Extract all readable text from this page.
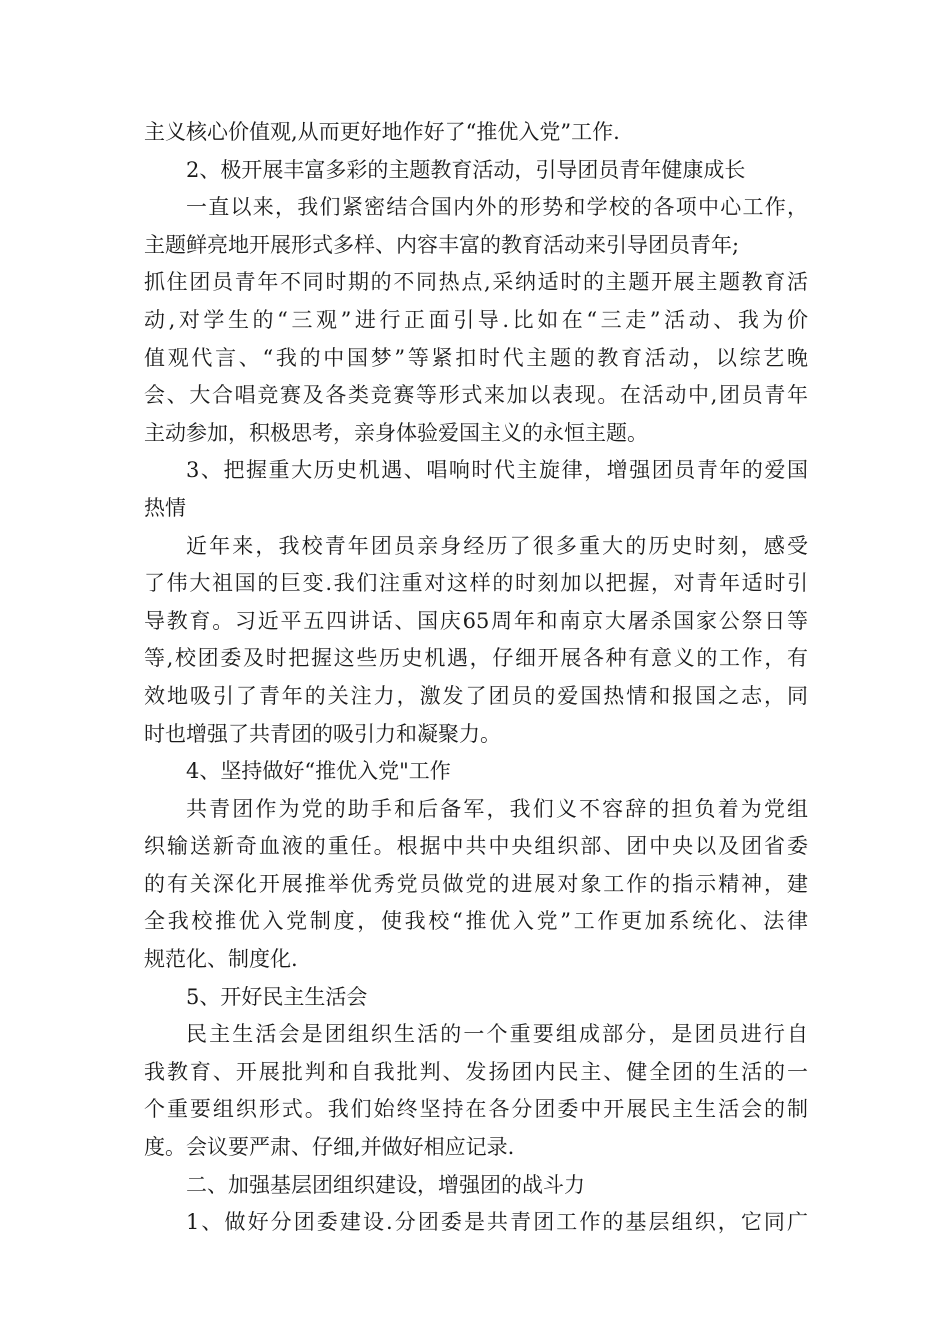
主义核心价值观,从而更好地作好了“推优入党”工作.
2、极开展丰富多彩的主题教育活动，引导团员青年健康成长
一直以来，我们紧密结合国内外的形势和学校的各项中心工作，
主题鲜亮地开展形式多样、内容丰富的教育活动来引导团员青年;
抓住团员青年不同时期的不同热点,采纳适时的主题开展主题教育活
动,对学生的“三观”进行正面引导.比如在“三走”活动、我为价
值观代言、“我的中国梦”等紧扣时代主题的教育活动，以综艺晚
会、大合唱竞赛及各类竞赛等形式来加以表现。在活动中,团员青年
主动参加，积极思考，亲身体验爱国主义的永恒主题。
3、把握重大历史机遇、唱响时代主旋律，增强团员青年的爱国
热情
近年来，我校青年团员亲身经历了很多重大的历史时刻，感受
了伟大祖国的巨变.我们注重对这样的时刻加以把握，对青年适时引
导教育。习近平五四讲话、国庆65周年和南京大屠杀国家公祭日等
等,校团委及时把握这些历史机遇，仔细开展各种有意义的工作，有
效地吸引了青年的关注力，激发了团员的爱国热情和报国之志，同
时也增强了共青团的吸引力和凝聚力。
4、坚持做好“推优入党"工作
共青团作为党的助手和后备军，我们义不容辞的担负着为党组
织输送新奇血液的重任。根据中共中央组织部、团中央以及团省委
的有关深化开展推举优秀党员做党的进展对象工作的指示精神，建
全我校推优入党制度，使我校“推优入党”工作更加系统化、法律
规范化、制度化.
5、开好民主生活会
民主生活会是团组织生活的一个重要组成部分，是团员进行自
我教育、开展批判和自我批判、发扬团内民主、健全团的生活的一
个重要组织形式。我们始终坚持在各分团委中开展民主生活会的制
度。会议要严肃、仔细,并做好相应记录.
二、加强基层团组织建设，增强团的战斗力
1、做好分团委建设.分团委是共青团工作的基层组织，它同广
